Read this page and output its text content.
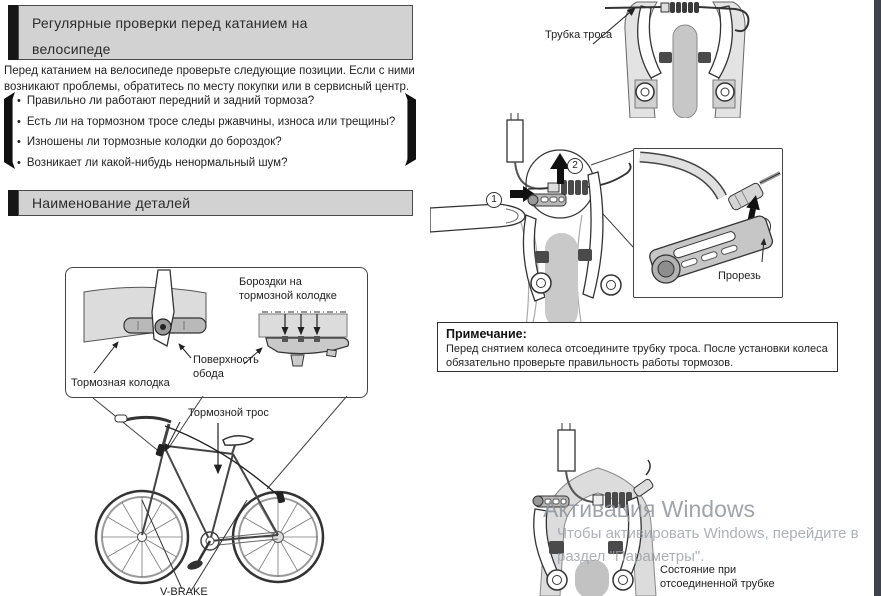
Регулярные проверки перед катанием на
велосипеде
Перед катанием на велосипеде проверьте следующие позиции. Если с ними
возникают проблемы, обратитесь по месту покупки или в сервисный центр.
• Правильно ли работают передний и задний тормоза?
• Есть ли на тормозном тросе следы ржавчины, износа или трещины?
• Изношены ли тормозные колодки до бороздок?
• Возникает ли какой-нибудь ненормальный шум?
Наименование деталей
Бороздки на
тормозной колодке
Поверхность
обода
Тормозная колодка
Тормозной трос
V-BRAKE
Трубка троса
1
2
Прорезь
Примечание:
Перед снятием колеса отсоедините трубку троса. После установки колеса
обязательно проверьте правильность работы тормозов.
Состояние при
отсоединенной трубке
Активация Windows
Чтобы активировать Windows, перейдите в
раздел "Параметры".
